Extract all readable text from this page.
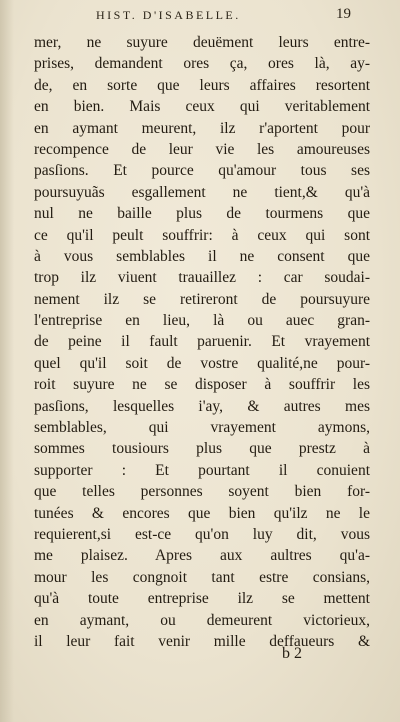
HIST. D'ISABELLE.	19
mer, ne suyure deuëment leurs entre-
prises, demandent ores ça, ores là, ay-
de, en sorte que leurs affaires resortent
en bien. Mais ceux qui veritablement
en aymant meurent, ilz r'aportent pour
recompence de leur vie les amoureuses
pasſions. Et pource qu'amour tous ses
poursuyuãs esgallement ne tient,& qu'à
nul ne baille plus de tourmens que
ce qu'il peult souffrir: à ceux qui sont
à vous semblables il ne consent que
trop ilz viuent trauaillez : car soudai-
nement ilz se retireront de poursuyure
l'entreprise en lieu, là ou auec gran-
de peine il fault paruenir. Et vrayement
quel qu'il soit de vostre qualité,ne pour-
roit suyure ne se disposer à souffrir les
pasſions, lesquelles i'ay, & autres mes
semblables, qui vrayement aymons,
sommes tousiours plus que prestz à
supporter : Et pourtant il conuient
que telles personnes soyent bien for-
tunées & encores que bien qu'ilz ne le
requierent,si est-ce qu'on luy dit, vous
me plaisez. Apres aux aultres qu'a-
mour les congnoit tant estre consians,
qu'à toute entreprise ilz se mettent
en aymant, ou demeurent victorieux,
il leur fait venir mille deffaueurs &
b 2
